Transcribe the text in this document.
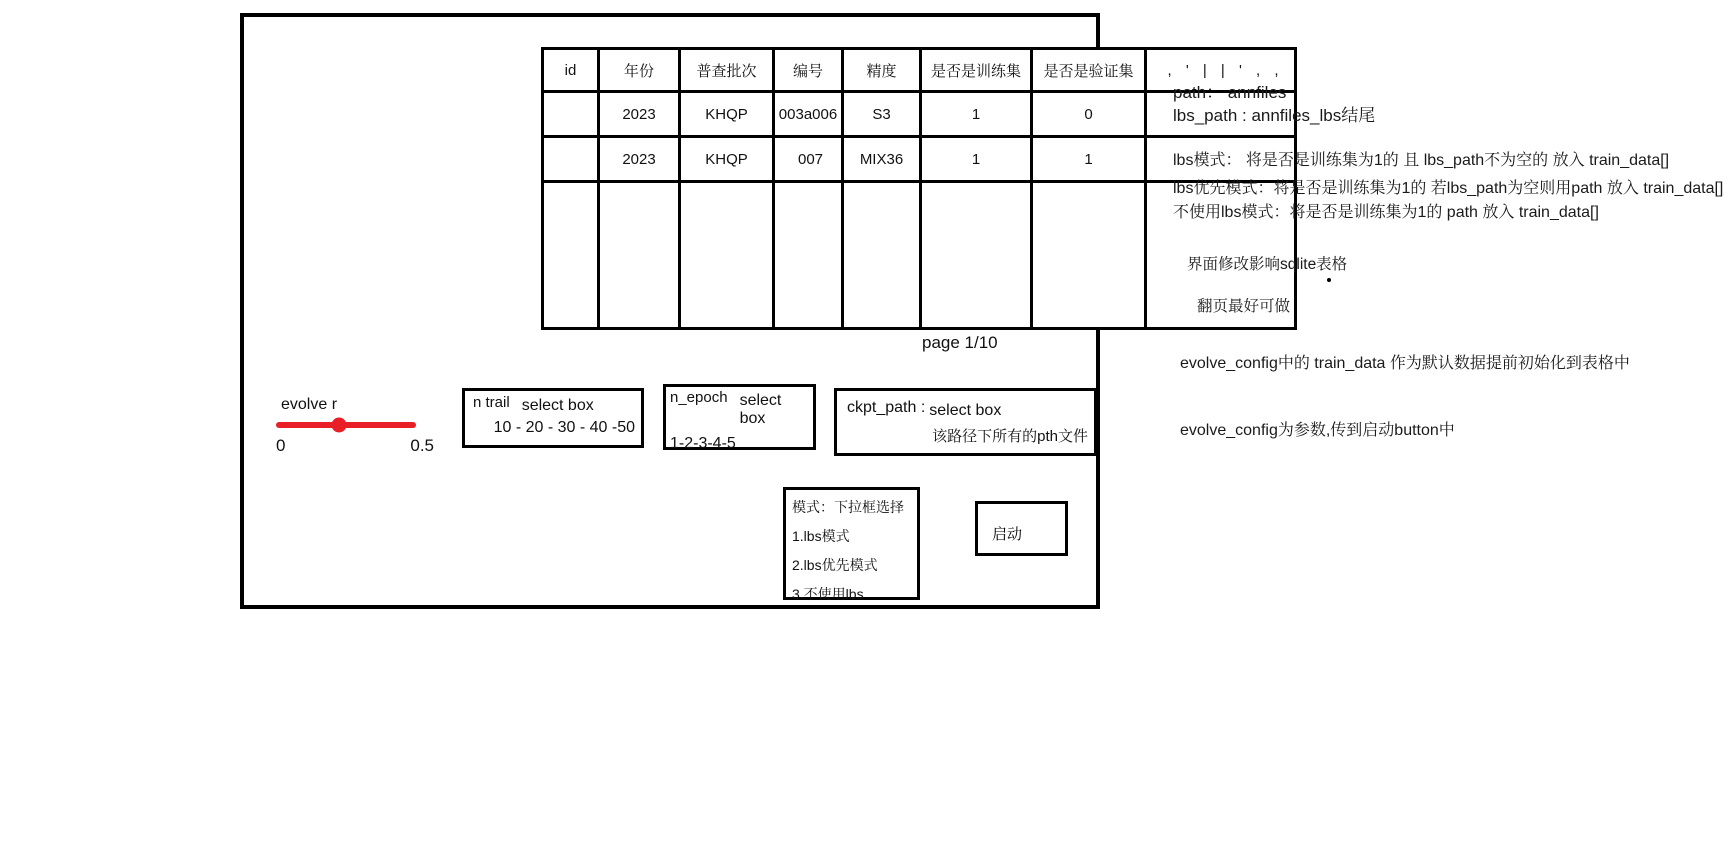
id	年份	普查批次	编号	精度	是否是训练集	是否是验证集	, ' | | ' , ,
	2023	KHQP	003a006	S3	1	0	
	2023	KHQP	007	MIX36	1	1	

page 1/10
evolve r
0	0.5
n trail select box
10 - 20 - 30 - 40 -50
n_epoch select box
1-2-3-4-5
ckpt_path : select box
该路径下所有的pth文件
模式：下拉框选择
1.lbs模式
2.lbs优先模式
3.不使用lbs
启动
path： annfiles
lbs_path : annfiles_lbs结尾
lbs模式： 将是否是训练集为1的 且 lbs_path不为空的 放入 train_data[]
lbs优先模式：将是否是训练集为1的 若lbs_path为空则用path 放入 train_data[]
不使用lbs模式：将是否是训练集为1的 path 放入 train_data[]
界面修改影响sqlite表格
翻页最好可做
evolve_config中的 train_data 作为默认数据提前初始化到表格中
evolve_config为参数,传到启动button中
